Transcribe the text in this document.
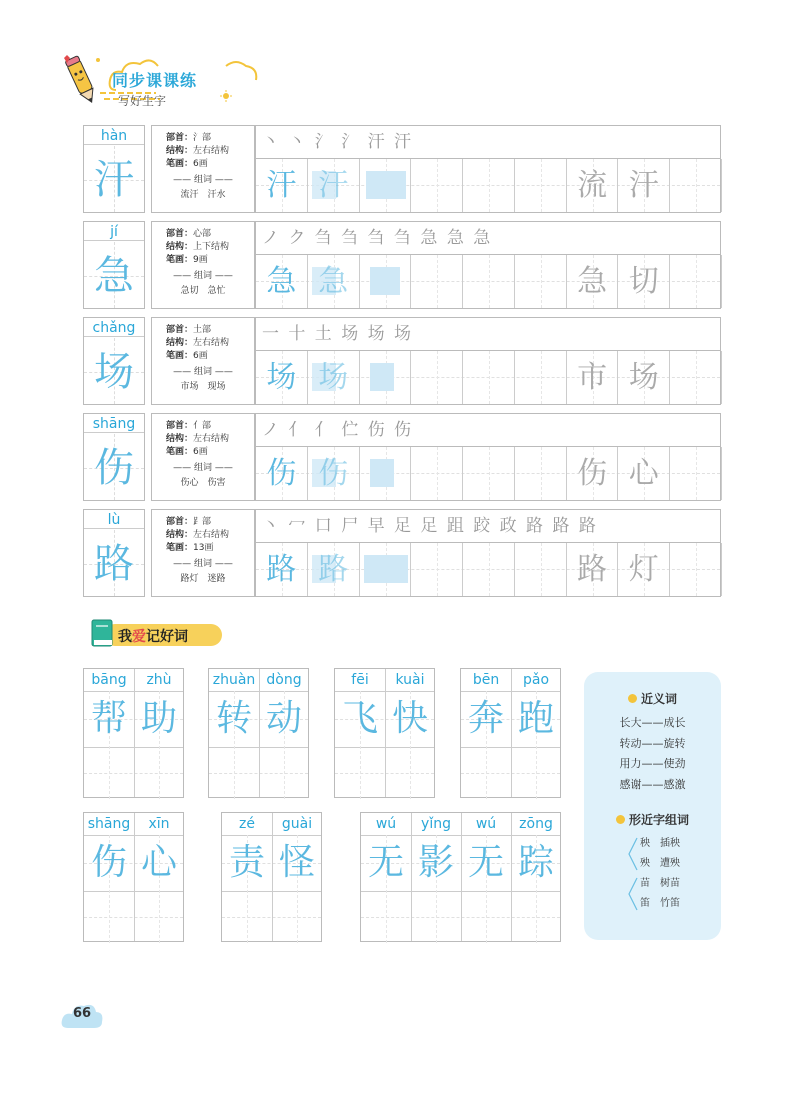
同步课课练
写好生字
hàn
汗
部首：氵部
结构：左右结构
笔画：6画
—— 组词 ——
流汗　汗水
丶 丶 氵 氵 汗 汗
汗 汗	流 汗
jí
急
部首：心部
结构：上下结构
笔画：9画
—— 组词 ——
急切　急忙
ノ ク 刍 刍 刍 刍 急 急 急
急 急	急 切
chǎng
场
部首：土部
结构：左右结构
笔画：6画
—— 组词 ——
市场　现场
一 十 土 场 场 场
场 场	市 场
shāng
伤
部首：亻部
结构：左右结构
笔画：6画
—— 组词 ——
伤心　伤害
ノ 亻 亻 伫 伤 伤
伤 伤	伤 心
lù
路
部首：⻊部
结构：左右结构
笔画：13画
—— 组词 ——
路灯　迷路
丶 冖 口 尸 早 足 足 跙 跤 政 路 路 路
路 路	路 灯
我爱记好词
bāng
帮
zhù
助
zhuàn
转
dòng
动
fēi
飞
kuài
快
bēn
奔
pǎo
跑
shāng
伤
xīn
心
zé
责
guài
怪
wú
无
yǐng
影
wú
无
zōng
踪
近义词
长大——成长
转动——旋转
用力——使劲
感谢——感激
形近字组词
秧　插秧
殃　遭殃
苗　树苗
笛　竹笛
66
